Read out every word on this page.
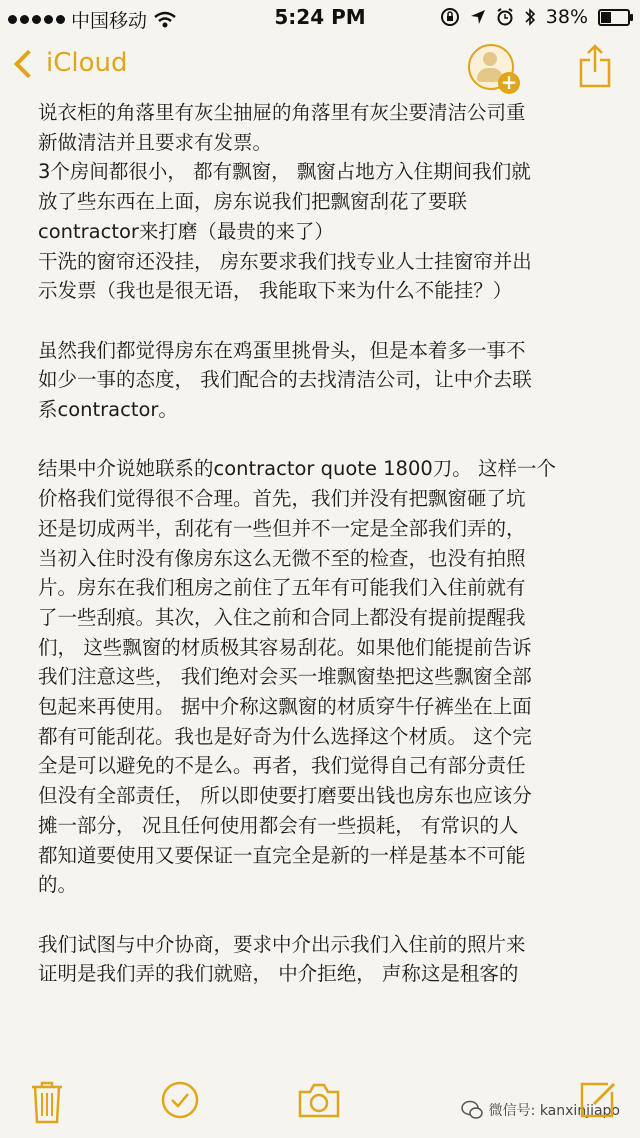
中国移动	5:24 PM	38%
iCloud
+

说衣柜的角落里有灰尘抽屉的角落里有灰尘要清洁公司重

新做清洁并且要求有发票。

3个房间都很小， 都有飘窗， 飘窗占地方入住期间我们就

放了些东西在上面，房东说我们把飘窗刮花了要联

contractor来打磨（最贵的来了）

干洗的窗帘还没挂， 房东要求我们找专业人士挂窗帘并出

示发票（我也是很无语， 我能取下来为什么不能挂？）

虽然我们都觉得房东在鸡蛋里挑骨头，但是本着多一事不

如少一事的态度， 我们配合的去找清洁公司，让中介去联

系contractor。

结果中介说她联系的contractor quote 1800刀。 这样一个

价格我们觉得很不合理。首先，我们并没有把飘窗砸了坑

还是切成两半，刮花有一些但并不一定是全部我们弄的，

当初入住时没有像房东这么无微不至的检查，也没有拍照

片。房东在我们租房之前住了五年有可能我们入住前就有

了一些刮痕。其次，入住之前和合同上都没有提前提醒我

们， 这些飘窗的材质极其容易刮花。如果他们能提前告诉

我们注意这些， 我们绝对会买一堆飘窗垫把这些飘窗全部

包起来再使用。 据中介称这飘窗的材质穿牛仔裤坐在上面

都有可能刮花。我也是好奇为什么选择这个材质。 这个完

全是可以避免的不是么。再者，我们觉得自己有部分责任

但没有全部责任， 所以即使要打磨要出钱也房东也应该分

摊一部分， 况且任何使用都会有一些损耗， 有常识的人

都知道要使用又要保证一直完全是新的一样是基本不可能

的。

我们试图与中介协商，要求中介出示我们入住前的照片来

证明是我们弄的我们就赔， 中介拒绝， 声称这是租客的

微信号: kanxinjiapo
